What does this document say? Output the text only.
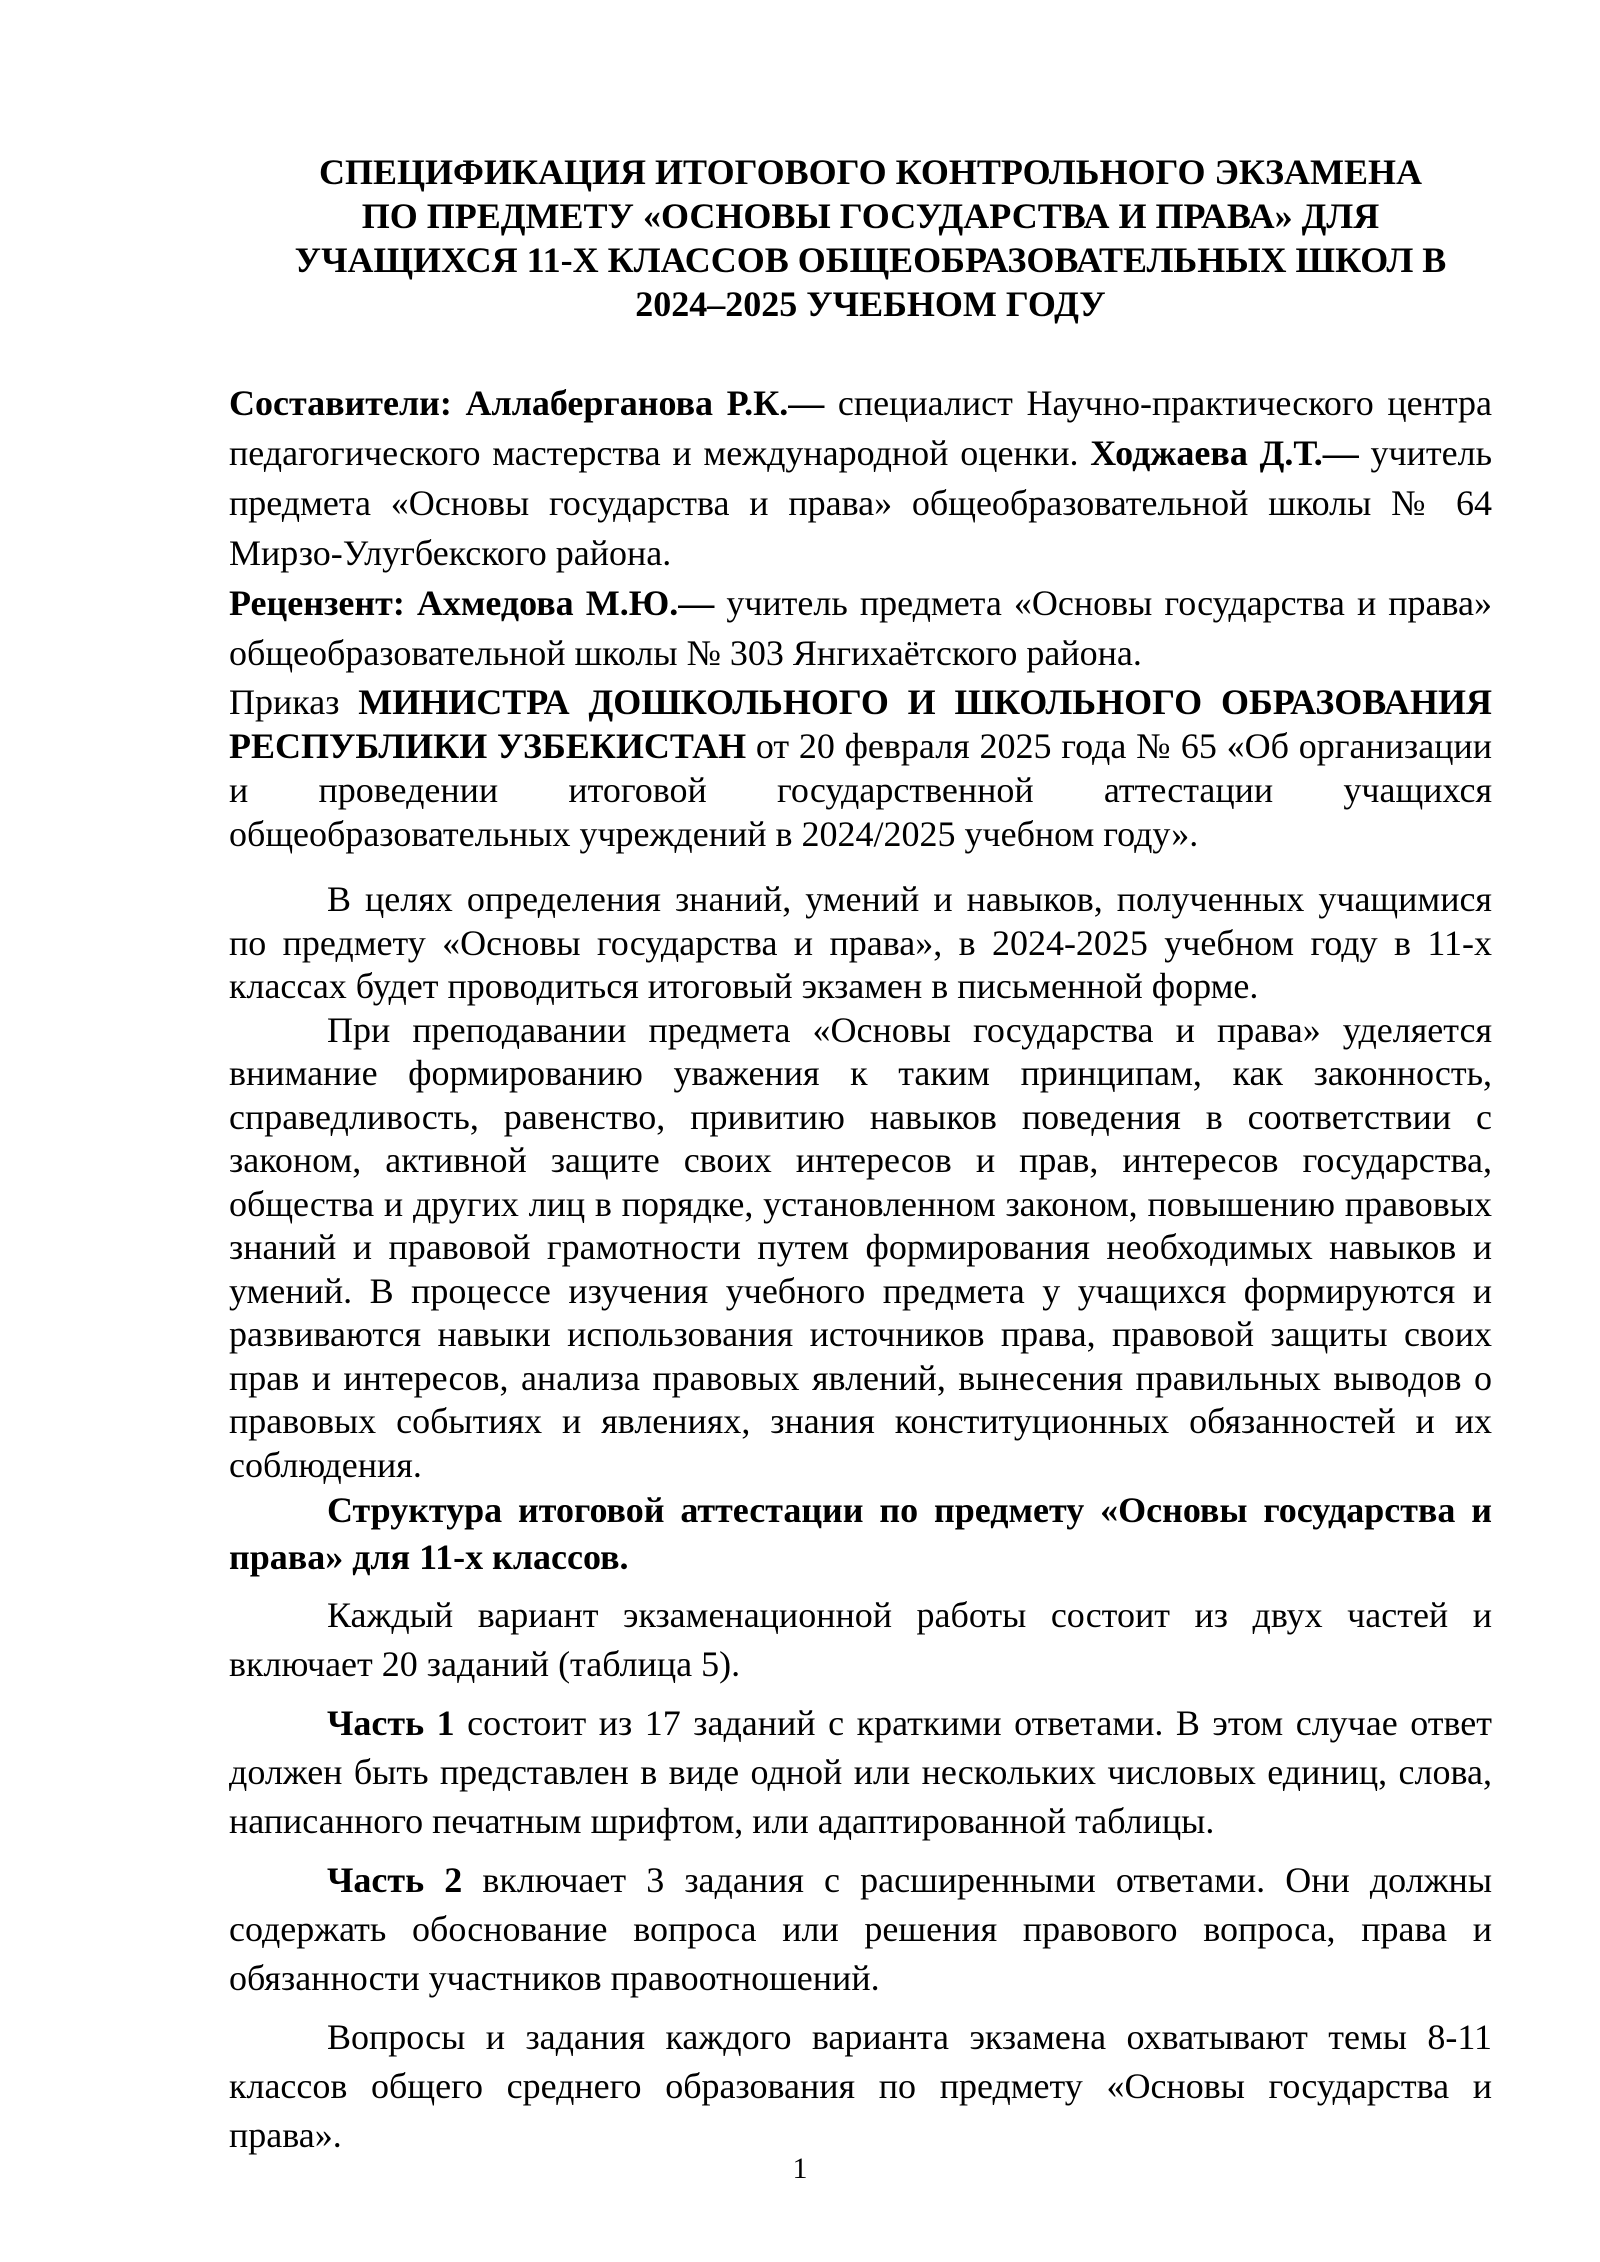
СПЕЦИФИКАЦИЯ ИТОГОВОГО КОНТРОЛЬНОГО ЭКЗАМЕНА
ПО ПРЕДМЕТУ «ОСНОВЫ ГОСУДАРСТВА И ПРАВА» ДЛЯ
УЧАЩИХСЯ 11-Х КЛАССОВ ОБЩЕОБРАЗОВАТЕЛЬНЫХ ШКОЛ В
2024–2025 УЧЕБНОМ ГОДУ

Составители: Аллаберганова Р.К.— специалист Научно-практического центра педагогического мастерства и международной оценки. Ходжаева Д.Т.— учитель предмета «Основы государства и права» общеобразовательной школы № 64 Мирзо-Улугбекского района.

Рецензент: Ахмедова М.Ю.— учитель предмета «Основы государства и права» общеобразовательной школы № 303 Янгихаётского района.

Приказ МИНИСТРА ДОШКОЛЬНОГО И ШКОЛЬНОГО ОБРАЗОВАНИЯ РЕСПУБЛИКИ УЗБЕКИСТАН от 20 февраля 2025 года № 65 «Об организации и проведении итоговой государственной аттестации учащихся общеобразовательных учреждений в 2024/2025 учебном году».

В целях определения знаний, умений и навыков, полученных учащимися по предмету «Основы государства и права», в 2024-2025 учебном году в 11-х классах будет проводиться итоговый экзамен в письменной форме.

При преподавании предмета «Основы государства и права» уделяется внимание формированию уважения к таким принципам, как законность, справедливость, равенство, привитию навыков поведения в соответствии с законом, активной защите своих интересов и прав, интересов государства, общества и других лиц в порядке, установленном законом, повышению правовых знаний и правовой грамотности путем формирования необходимых навыков и умений. В процессе изучения учебного предмета у учащихся формируются и развиваются навыки использования источников права, правовой защиты своих прав и интересов, анализа правовых явлений, вынесения правильных выводов о правовых событиях и явлениях, знания конституционных обязанностей и их соблюдения.

Структура итоговой аттестации по предмету «Основы государства и права» для 11-х классов.

Каждый вариант экзаменационной работы состоит из двух частей и включает 20 заданий (таблица 5).

Часть 1 состоит из 17 заданий с краткими ответами. В этом случае ответ должен быть представлен в виде одной или нескольких числовых единиц, слова, написанного печатным шрифтом, или адаптированной таблицы.

Часть 2 включает 3 задания с расширенными ответами. Они должны содержать обоснование вопроса или решения правового вопроса, права и обязанности участников правоотношений.

Вопросы и задания каждого варианта экзамена охватывают темы 8-11 классов общего среднего образования по предмету «Основы государства и права».

1
